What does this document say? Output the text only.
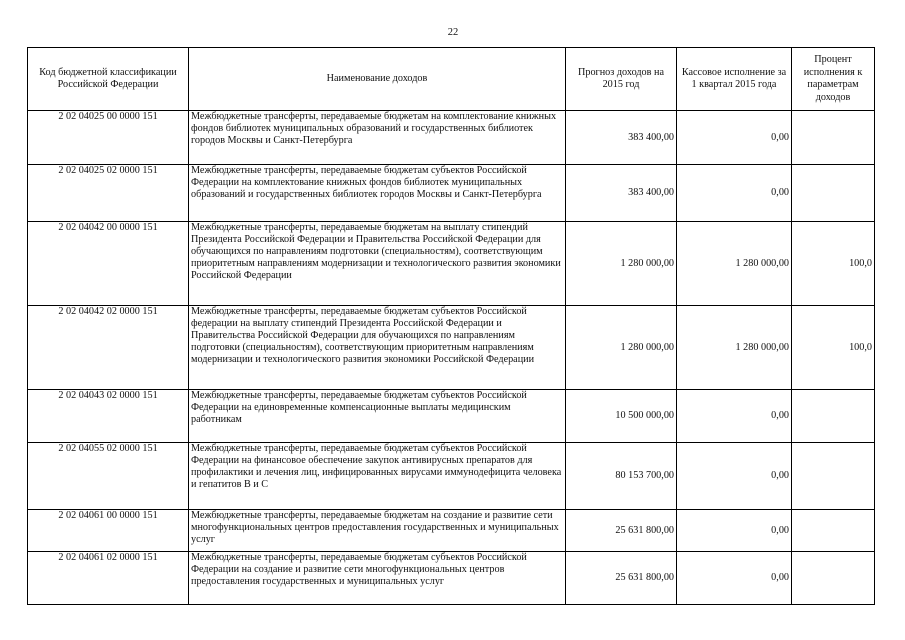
22
Код бюджетной классификации Российской Федерации	Наименование доходов	Прогноз доходов на 2015 год	Кассовое исполнение за 1 квартал 2015 года	Процент исполнения к параметрам доходов
2 02 04025 00 0000 151	Межбюджетные трансферты, передаваемые бюджетам на комплектование книжных фондов библиотек муниципальных образований и государственных библиотек городов Москвы и Санкт-Петербурга	383 400,00	0,00	
2 02 04025 02 0000 151	Межбюджетные трансферты, передаваемые бюджетам субъектов Российской Федерации на комплектование книжных фондов библиотек муниципальных образований и государственных библиотек городов Москвы и Санкт-Петербурга	383 400,00	0,00	
2 02 04042 00 0000 151	Межбюджетные трансферты, передаваемые бюджетам на выплату стипендий Президента Российской Федерации и Правительства Российской Федерации для обучающихся по направлениям подготовки (специальностям), соответствующим приоритетным направлениям модернизации и технологического развития экономики Российской Федерации	1 280 000,00	1 280 000,00	100,0
2 02 04042 02 0000 151	Межбюджетные трансферты, передаваемые бюджетам субъектов Российской федерации на выплату стипендий Президента Российской Федерации и Правительства Российской Федерации для обучающихся по направлениям подготовки (специальностям), соответствующим приоритетным направлениям модернизации и технологического развития экономики Российской Федерации	1 280 000,00	1 280 000,00	100,0
2 02 04043 02 0000 151	Межбюджетные трансферты, передаваемые бюджетам субъектов Российской Федерации на единовременные компенсационные выплаты медицинским работникам	10 500 000,00	0,00	
2 02 04055 02 0000 151	Межбюджетные трансферты, передаваемые бюджетам субъектов Российской Федерации на финансовое обеспечение закупок антивирусных препаратов для профилактики и лечения лиц, инфицированных вирусами иммунодефицита человека и гепатитов В и С	80 153 700,00	0,00	
2 02 04061 00 0000 151	Межбюджетные трансферты, передаваемые бюджетам на создание и развитие сети многофункциональных центров предоставления государственных и муниципальных услуг	25 631 800,00	0,00	
2 02 04061 02 0000 151	Межбюджетные трансферты, передаваемые бюджетам субъектов Российской Федерации на создание и развитие сети многофункциональных центров предоставления государственных и муниципальных услуг	25 631 800,00	0,00	
